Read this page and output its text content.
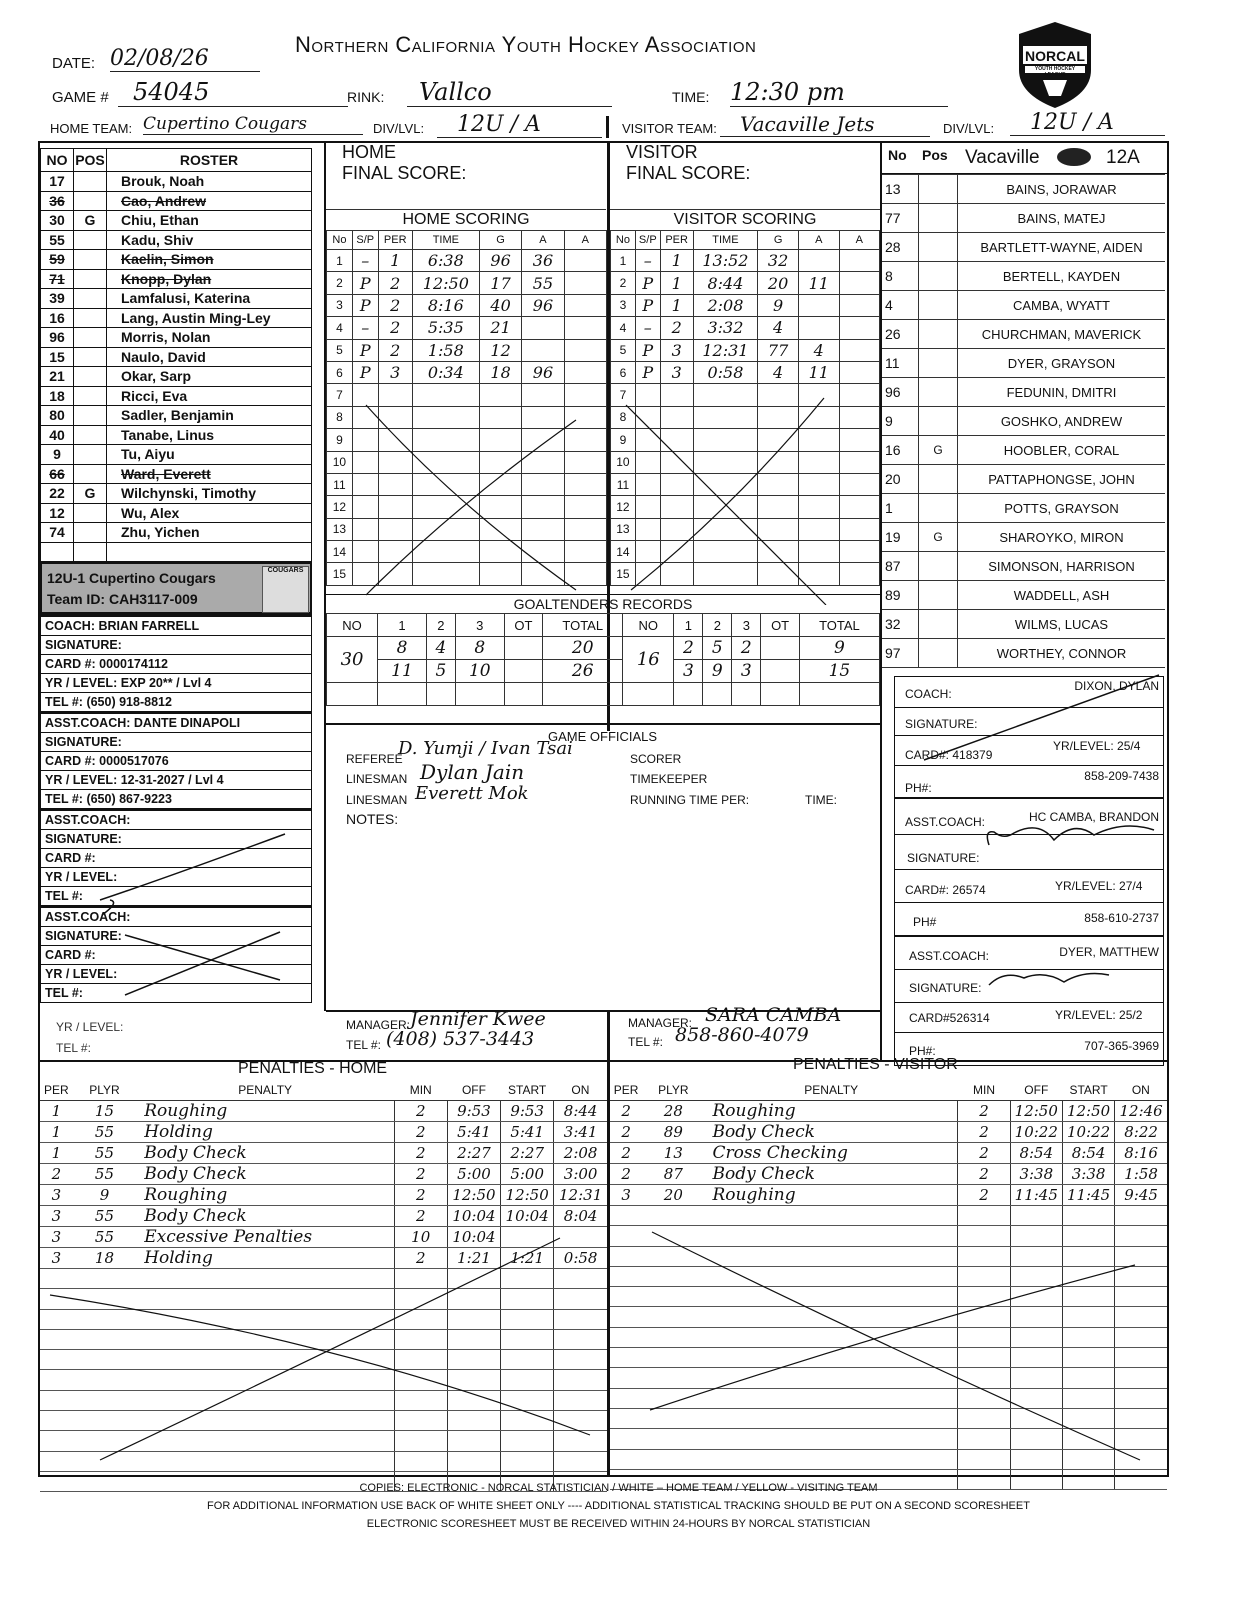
Northern California Youth Hockey Association	NORCAL
YOUTH HOCKEY LEAGUE
DATE: 02/08/26
GAME #	54045	RINK:	Vallco	TIME: 12:30 pm
HOME TEAM: Cupertino Cougars	DIV/LVL:	12U / A	VISITOR TEAM:	Vacaville Jets	DIV/LVL:	12U / A
NO	POS	ROSTER
17		Brouk, Noah
36		Cao, Andrew
30	G	Chiu, Ethan
55		Kadu, Shiv
59		Kaelin, Simon
71		Knopp, Dylan
39		Lamfalusi, Katerina
16		Lang, Austin Ming-Ley
96		Morris, Nolan
15		Naulo, David
21		Okar, Sarp
18		Ricci, Eva
80		Sadler, Benjamin
40		Tanabe, Linus
9		Tu, Aiyu
66		Ward, Everett
22	G	Wilchynski, Timothy
12		Wu, Alex
74		Zhu, Yichen

12U-1 Cupertino Cougars
Team ID: CAH3117-009
COUGARS
COACH: BRIAN FARRELL
SIGNATURE:
CARD #: 0000174112
YR / LEVEL: EXP 20** / Lvl 4
TEL #: (650) 918-8812
ASST.COACH: DANTE DINAPOLI
SIGNATURE:
CARD #: 0000517076
YR / LEVEL: 12-31-2027 / Lvl 4
TEL #: (650) 867-9223
ASST.COACH:
SIGNATURE:
CARD #:
YR / LEVEL:
TEL #:
ASST.COACH:
SIGNATURE:
CARD #:
YR / LEVEL:
TEL #:
YR / LEVEL:
TEL #:
HOME
FINAL SCORE:
VISITOR
FINAL SCORE:
HOME SCORING	VISITOR SCORING
No	S/P	PER	TIME	G	A	A
1	–	1	6:38	96	36	
2	P	2	12:50	17	55	
3	P	2	8:16	40	96	
4	–	2	5:35	21		
5	P	2	1:58	12		
6	P	3	0:34	18	96	
7						
8						
9						
10						
11						
12						
13						
14						
15						
No	S/P	PER	TIME	G	A	A
1	–	1	13:52	32		
2	P	1	8:44	20	11	
3	P	1	2:08	9		
4	–	2	3:32	4		
5	P	3	12:31	77	4	
6	P	3	0:58	4	11	
7						
8						
9						
10						
11						
12						
13						
14						
15						
GOALTENDERS RECORDS
NO	1	2	3	OT	TOTAL	NO	1	2	3	OT	TOTAL
30	8	4	8		20	16	2	5	2		9
	11	5	10		26		3	9	3		15

GAME OFFICIALS
REFEREE
D. Yumji / Ivan Tsai
LINESMAN Dylan Jain
LINESMAN Everett Mok
NOTES:
SCORER
TIMEKEEPER
RUNNING TIME PER:	TIME:
MANAGER: Jennifer Kwee
TEL #: (408) 537-3443
MANAGER: SARA CAMBA
TEL #: 858-860-4079
No Pos Vacaville	12A
13		BAINS, JORAWAR
77		BAINS, MATEJ
28		BARTLETT-WAYNE, AIDEN
8		BERTELL, KAYDEN
4		CAMBA, WYATT
26		CHURCHMAN, MAVERICK
11		DYER, GRAYSON
96		FEDUNIN, DMITRI
9		GOSHKO, ANDREW
16	G	HOOBLER, CORAL
20		PATTAPHONGSE, JOHN
1		POTTS, GRAYSON
19	G	SHAROYKO, MIRON
87		SIMONSON, HARRISON
89		WADDELL, ASH
32		WILMS, LUCAS
97		WORTHEY, CONNOR
COACH:
DIXON, DYLAN
SIGNATURE:
CARD#: 418379
YR/LEVEL: 25/4
PH#:
858-209-7438
ASST.COACH:	HC CAMBA, BRANDON
SIGNATURE:
CARD#: 26574	YR/LEVEL: 27/4
PH#	858-610-2737
ASST.COACH:	DYER, MATTHEW
SIGNATURE:
CARD#526314	YR/LEVEL: 25/2
PH#:	707-365-3969
PENALTIES - HOME	PENALTIES - VISITOR
PER	PLYR	PENALTY	MIN	OFF	START	ON
1	15	Roughing	2	9:53	9:53	8:44
1	55	Holding	2	5:41	5:41	3:41
1	55	Body Check	2	2:27	2:27	2:08
2	55	Body Check	2	5:00	5:00	3:00
3	9	Roughing	2	12:50	12:50	12:31
3	55	Body Check	2	10:04	10:04	8:04
3	55	Excessive Penalties	10	10:04		
3	18	Holding	2	1:21	1:21	0:58

PER	PLYR	PENALTY	MIN	OFF	START	ON
2	28	Roughing	2	12:50	12:50	12:46
2	89	Body Check	2	10:22	10:22	8:22
2	13	Cross Checking	2	8:54	8:54	8:16
2	87	Body Check	2	3:38	3:38	1:58
3	20	Roughing	2	11:45	11:45	9:45

COPIES: ELECTRONIC - NORCAL STATISTICIAN / WHITE – HOME TEAM / YELLOW - VISITING TEAM
FOR ADDITIONAL INFORMATION USE BACK OF WHITE SHEET ONLY ---- ADDITIONAL STATISTICAL TRACKING SHOULD BE PUT ON A SECOND SCORESHEET
ELECTRONIC SCORESHEET MUST BE RECEIVED WITHIN 24-HOURS BY NORCAL STATISTICIAN
